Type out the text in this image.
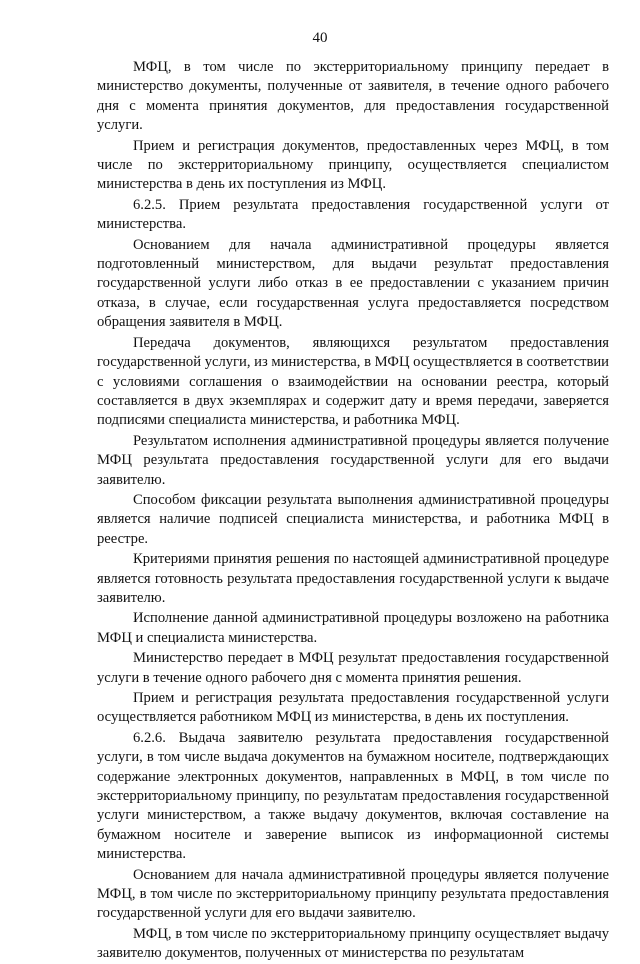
40

МФЦ, в том числе по экстерриториальному принципу передает в министерство документы, полученные от заявителя, в течение одного рабочего дня с момента принятия документов, для предоставления государственной услуги.

Прием и регистрация документов, предоставленных через МФЦ, в том числе по экстерриториальному принципу, осуществляется специалистом министерства в день их поступления из МФЦ.

6.2.5. Прием результата предоставления государственной услуги от министерства.

Основанием для начала административной процедуры является подготовленный министерством, для выдачи результат предоставления государственной услуги либо отказ в ее предоставлении с указанием причин отказа, в случае, если государственная услуга предоставляется посредством обращения заявителя в МФЦ.

Передача документов, являющихся результатом предоставления государственной услуги, из министерства, в МФЦ осуществляется в соответствии с условиями соглашения о взаимодействии на основании реестра, который составляется в двух экземплярах и содержит дату и время передачи, заверяется подписями специалиста министерства, и работника МФЦ.

Результатом исполнения административной процедуры является получение МФЦ результата предоставления государственной услуги для его выдачи заявителю.

Способом фиксации результата выполнения административной процедуры является наличие подписей специалиста министерства, и работника МФЦ в реестре.

Критериями принятия решения по настоящей административной процедуре является готовность результата предоставления государственной услуги к выдаче заявителю.

Исполнение данной административной процедуры возложено на работника МФЦ и специалиста министерства.

Министерство передает в МФЦ результат предоставления государственной услуги в течение одного рабочего дня с момента принятия решения.

Прием и регистрация результата предоставления государственной услуги осуществляется работником МФЦ из министерства, в день их поступления.

6.2.6. Выдача заявителю результата предоставления государственной услуги, в том числе выдача документов на бумажном носителе, подтверждающих содержание электронных документов, направленных в МФЦ, в том числе по экстерриториальному принципу, по результатам предоставления государственной услуги министерством, а также выдачу документов, включая составление на бумажном носителе и заверение выписок из информационной системы министерства.

Основанием для начала административной процедуры является получение МФЦ, в том числе по экстерриториальному принципу результата предоставления государственной услуги для его выдачи заявителю.

МФЦ, в том числе по экстерриториальному принципу осуществляет выдачу заявителю документов, полученных от министерства по результатам
